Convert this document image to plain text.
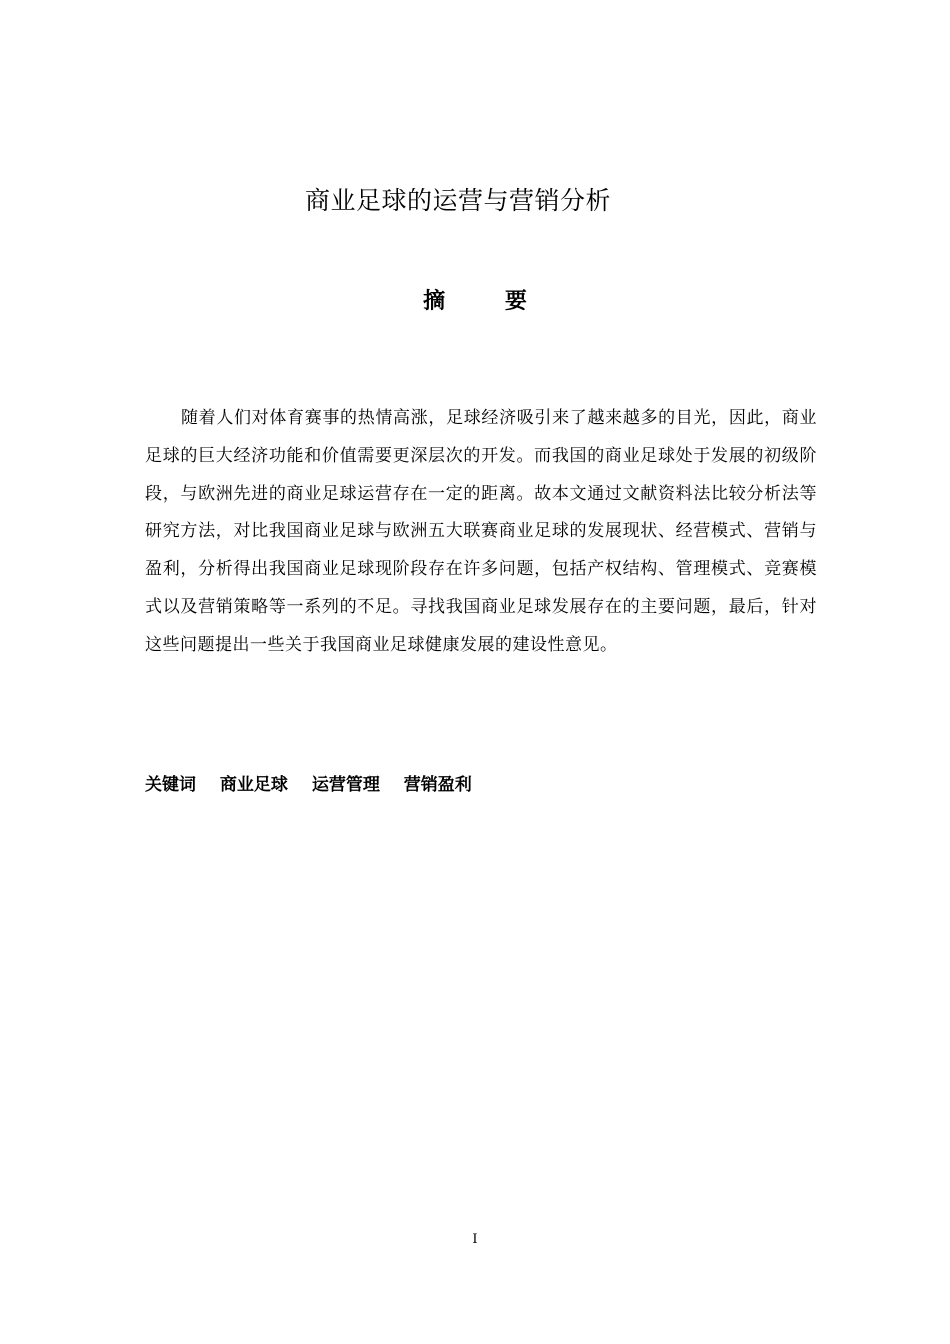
商业足球的运营与营销分析
摘 要

随着人们对体育赛事的热情高涨，足球经济吸引来了越来越多的目光，因此，商业足球的巨大经济功能和价值需要更深层次的开发。而我国的商业足球处于发展的初级阶段，与欧洲先进的商业足球运营存在一定的距离。故本文通过文献资料法比较分析法等研究方法，对比我国商业足球与欧洲五大联赛商业足球的发展现状、经营模式、营销与盈利，分析得出我国商业足球现阶段存在许多问题，包括产权结构、管理模式、竞赛模式以及营销策略等一系列的不足。寻找我国商业足球发展存在的主要问题，最后，针对这些问题提出一些关于我国商业足球健康发展的建设性意见。

关键词 商业足球 运营管理 营销盈利
I
